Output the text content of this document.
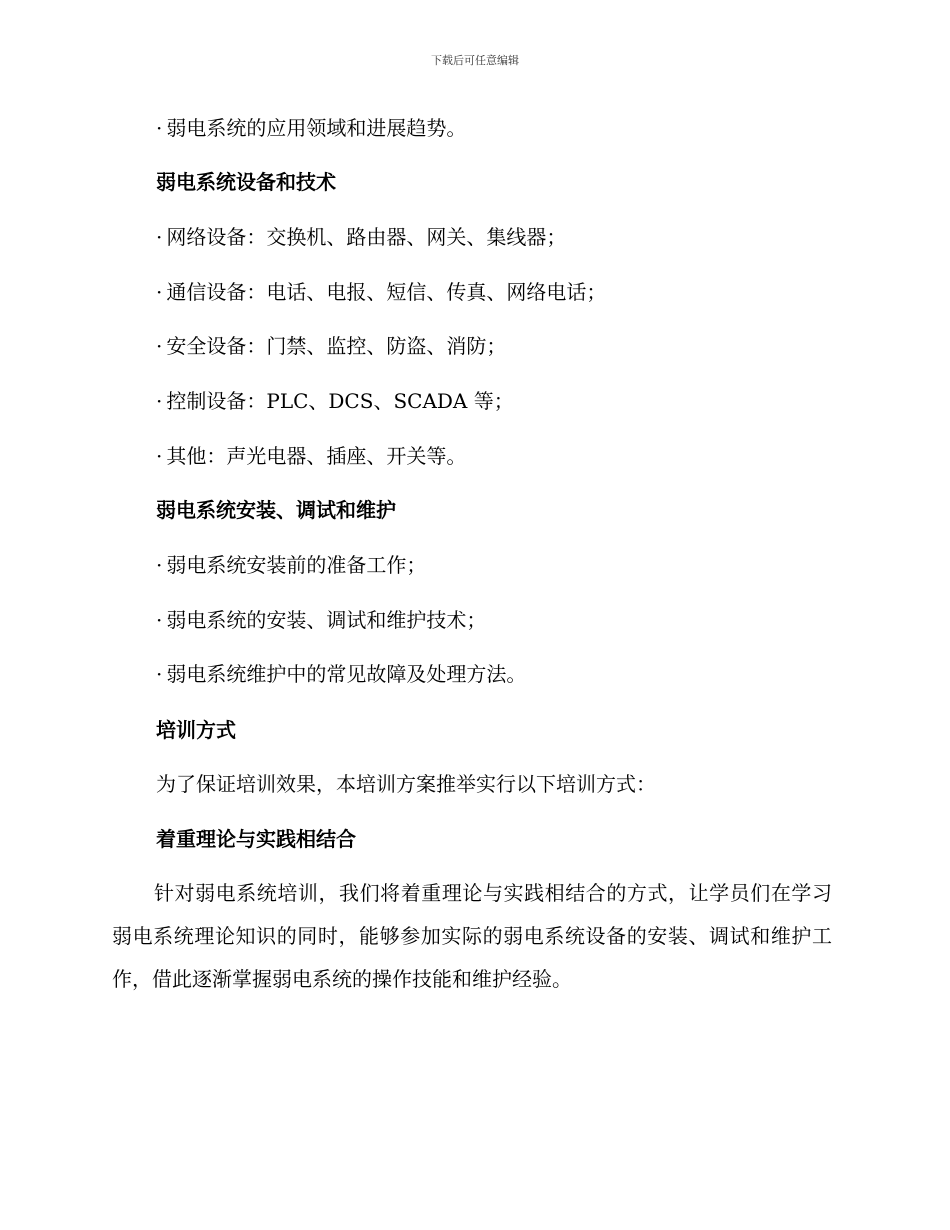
下载后可任意编辑
· 弱电系统的应用领域和进展趋势。
弱电系统设备和技术
· 网络设备：交换机、路由器、网关、集线器；
· 通信设备：电话、电报、短信、传真、网络电话；
· 安全设备：门禁、监控、防盗、消防；
· 控制设备：PLC、DCS、SCADA 等；
· 其他：声光电器、插座、开关等。
弱电系统安装、调试和维护
· 弱电系统安装前的准备工作；
· 弱电系统的安装、调试和维护技术；
· 弱电系统维护中的常见故障及处理方法。
培训方式
为了保证培训效果，本培训方案推举实行以下培训方式：
着重理论与实践相结合
针对弱电系统培训，我们将着重理论与实践相结合的方式，让学员们在学习弱电系统理论知识的同时，能够参加实际的弱电系统设备的安装、调试和维护工作，借此逐渐掌握弱电系统的操作技能和维护经验。
